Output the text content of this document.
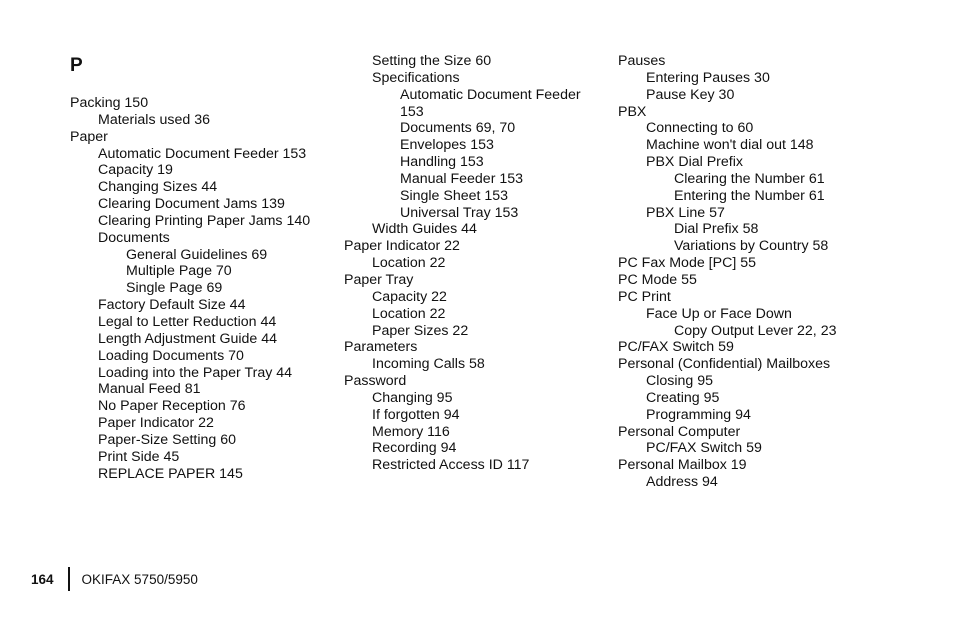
P
Packing 150
Materials used 36
Paper
Automatic Document Feeder 153
Capacity 19
Changing Sizes 44
Clearing Document Jams 139
Clearing Printing Paper Jams 140
Documents
General Guidelines 69
Multiple Page 70
Single Page 69
Factory Default Size 44
Legal to Letter Reduction 44
Length Adjustment Guide 44
Loading Documents 70
Loading into the Paper Tray 44
Manual Feed 81
No Paper Reception 76
Paper Indicator 22
Paper-Size Setting 60
Print Side 45
REPLACE PAPER 145
Setting the Size 60
Specifications
Automatic Document Feeder
153
Documents 69, 70
Envelopes 153
Handling 153
Manual Feeder 153
Single Sheet 153
Universal Tray 153
Width Guides 44
Paper Indicator 22
Location 22
Paper Tray
Capacity 22
Location 22
Paper Sizes 22
Parameters
Incoming Calls 58
Password
Changing 95
If forgotten 94
Memory 116
Recording 94
Restricted Access ID 117
Pauses
Entering Pauses 30
Pause Key 30
PBX
Connecting to 60
Machine won't dial out 148
PBX Dial Prefix
Clearing the Number 61
Entering the Number 61
PBX Line 57
Dial Prefix 58
Variations by Country 58
PC Fax Mode [PC] 55
PC Mode 55
PC Print
Face Up or Face Down
Copy Output Lever 22, 23
PC/FAX Switch 59
Personal (Confidential) Mailboxes
Closing 95
Creating 95
Programming 94
Personal Computer
PC/FAX Switch 59
Personal Mailbox 19
Address 94
164 OKIFAX 5750/5950
